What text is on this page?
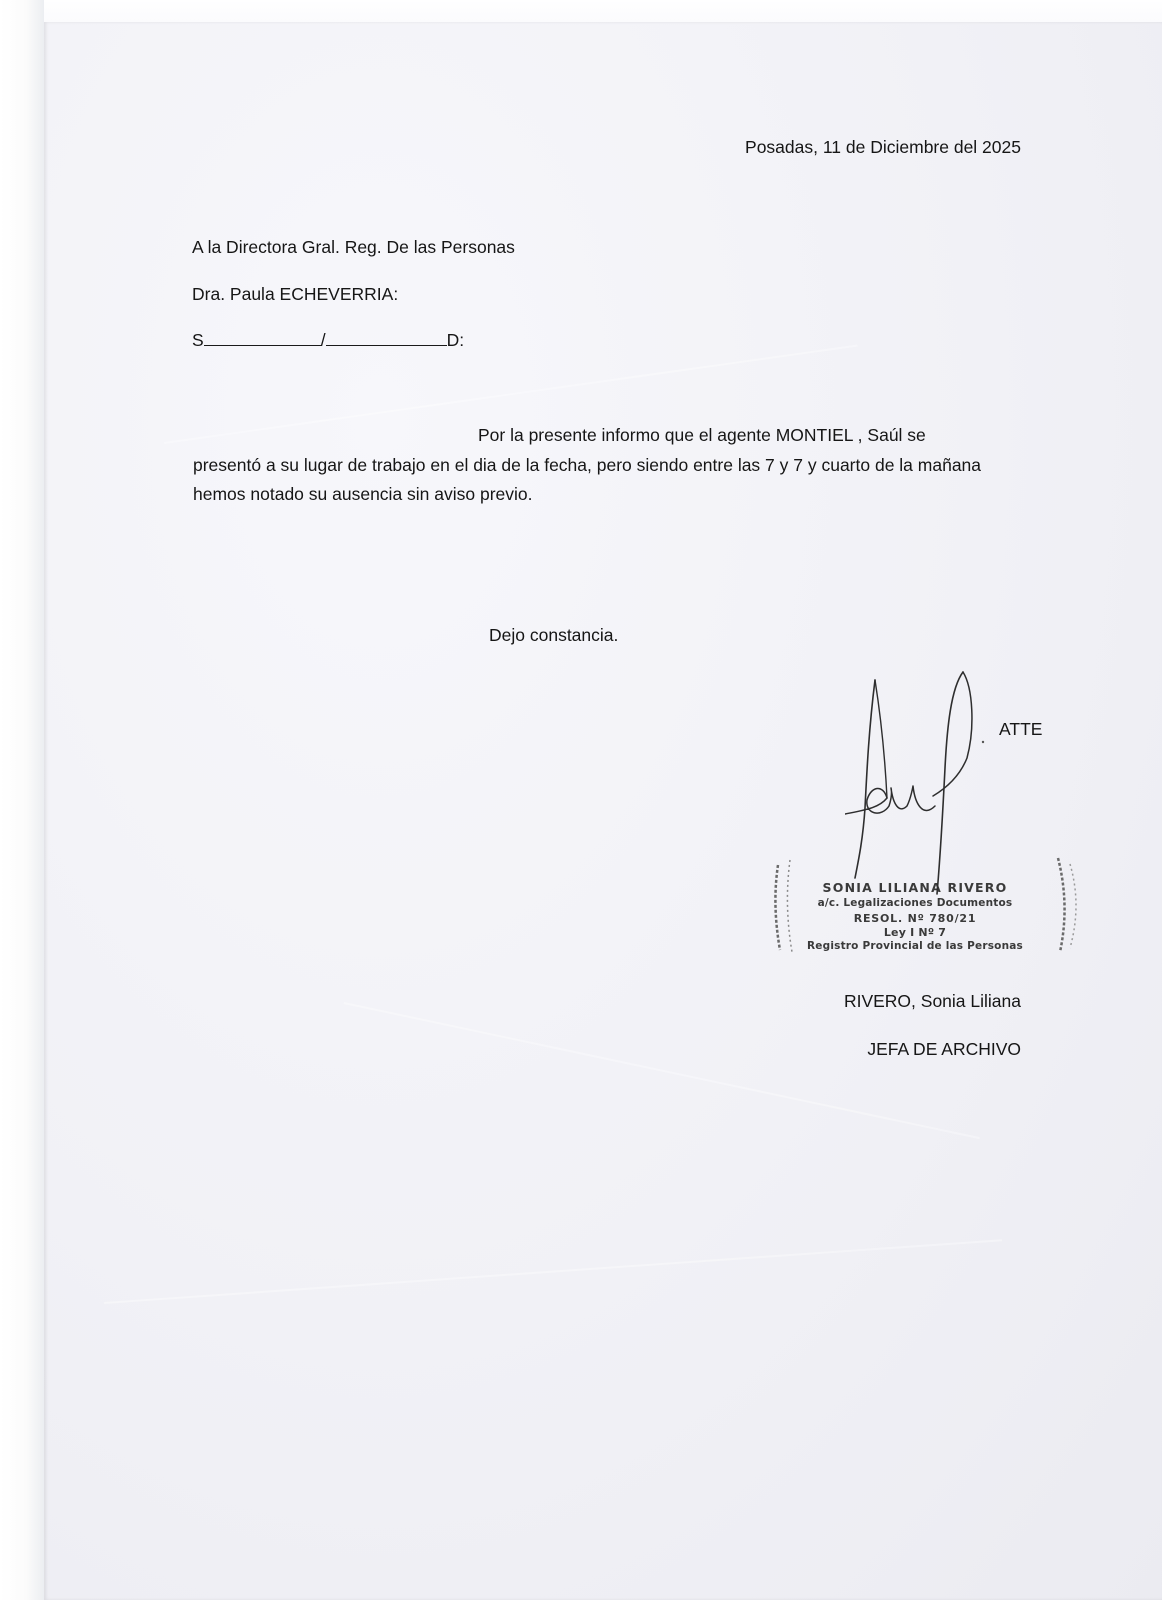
Posadas, 11 de Diciembre del 2025
A la Directora Gral. Reg. De las Personas
Dra. Paula ECHEVERRIA:
S	/	D:
Por la presente informo que el agente MONTIEL , Saúl se presentó a su lugar de trabajo en el dia de la fecha, pero siendo entre las 7 y 7 y cuarto de la mañana hemos notado su ausencia sin aviso previo.
Dejo constancia.
ATTE
SONIA LILIANA RIVERO
a/c. Legalizaciones Documentos
RESOL. Nº 780/21
Ley I Nº 7
Registro Provincial de las Personas
RIVERO, Sonia Liliana
JEFA DE ARCHIVO
